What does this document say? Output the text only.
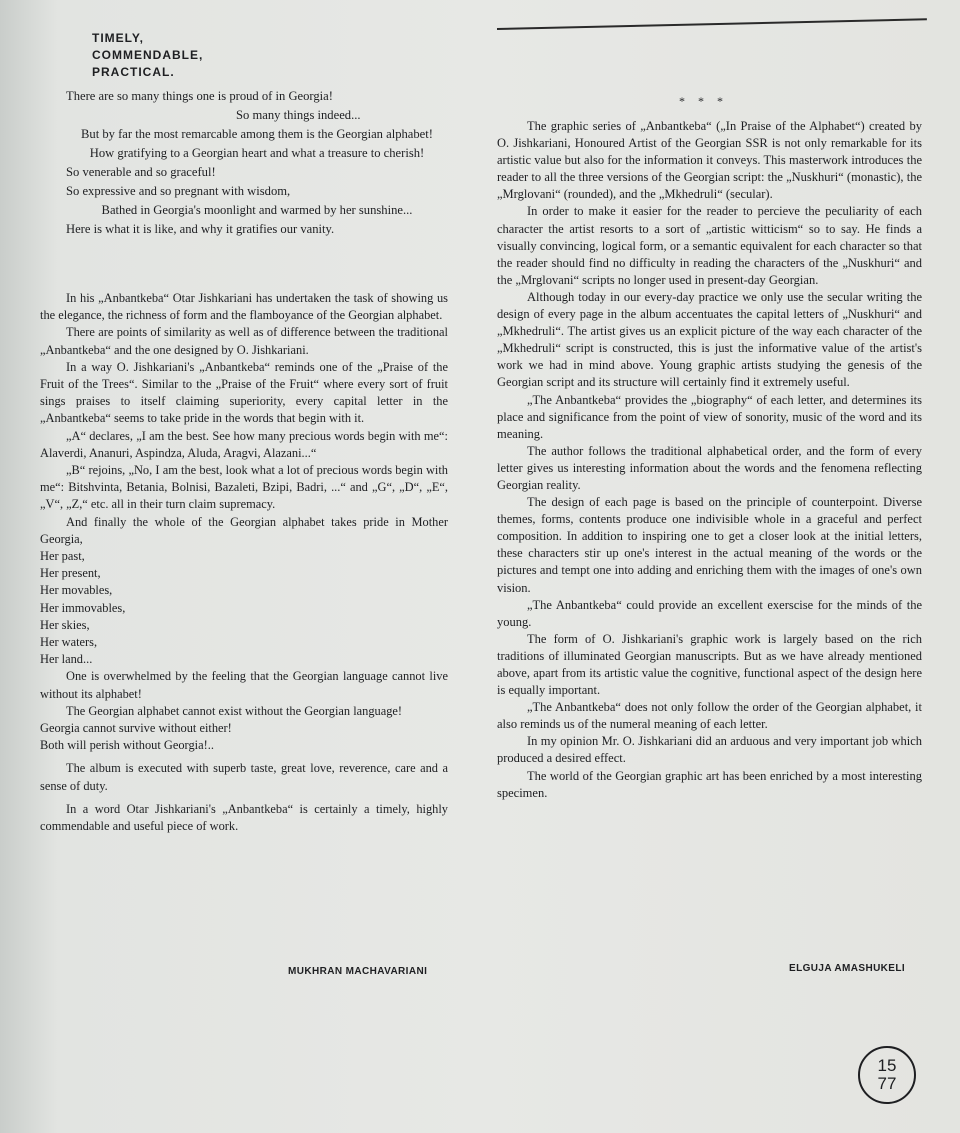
TIMELY,
COMMENDABLE,
PRACTICAL.
There are so many things one is proud of in Georgia!
So many things indeed...
But by far the most remarcable among them is the Georgian alphabet!
How gratifying to a Georgian heart and what a treasure to cherish!
So venerable and so graceful!
So expressive and so pregnant with wisdom,
Bathed in Georgia's moonlight and warmed by her sunshine...
Here is what it is like, and why it gratifies our vanity.

In his „Anbantkeba“ Otar Jishkariani has undertaken the task of showing us the elegance, the richness of form and the flamboyance of the Georgian alphabet.

There are points of similarity as well as of difference between the traditional „Anbantkeba“ and the one designed by O. Jishkariani.

In a way O. Jishkariani's „Anbantkeba“ reminds one of the „Praise of the Fruit of the Trees“. Similar to the „Praise of the Fruit“ where every sort of fruit sings praises to itself claiming superiority, every capital letter in the „Anbantkeba“ seems to take pride in the words that begin with it.

„A“ declares, „I am the best. See how many precious words begin with me“: Alaverdi, Ananuri, Aspindza, Aluda, Aragvi, Alazani...“

„B“ rejoins, „No, I am the best, look what a lot of precious words begin with me“: Bitshvinta, Betania, Bolnisi, Bazaleti, Bzipi, Badri, ...“ and „G“, „D“, „E“, „V“, „Z,“ etc. all in their turn claim supremacy.

And finally the whole of the Georgian alphabet takes pride in Mother Georgia,

Her past,

Her present,

Her movables,

Her immovables,

Her skies,

Her waters,

Her land...

One is overwhelmed by the feeling that the Georgian language cannot live without its alphabet!

The Georgian alphabet cannot exist without the Georgian language!

Georgia cannot survive without either!

Both will perish without Georgia!..

The album is executed with superb taste, great love, reverence, care and a sense of duty.

In a word Otar Jishkariani's „Anbantkeba“ is certainly a timely, highly commendable and useful piece of work.

MUKHRAN MACHAVARIANI
* * *

The graphic series of „Anbantkeba“ („In Praise of the Alphabet“) created by O. Jishkariani, Honoured Artist of the Georgian SSR is not only remarkable for its artistic value but also for the information it conveys. This masterwork introduces the reader to all the three versions of the Georgian script: the „Nuskhuri“ (monastic), the „Mrglovani“ (rounded), and the „Mkhedruli“ (secular).

In order to make it easier for the reader to percieve the peculiarity of each character the artist resorts to a sort of „artistic witticism“ so to say. He finds a visually convincing, logical form, or a semantic equivalent for each character so that the reader should find no difficulty in reading the characters of the „Nuskhuri“ and the „Mrglovani“ scripts no longer used in present-day Georgian.

Although today in our every-day practice we only use the secular writing the design of every page in the album accentuates the capital letters of „Nuskhuri“ and „Mkhedruli“. The artist gives us an explicit picture of the way each character of the „Mkhedruli“ script is constructed, this is just the informative value of the artist's work we had in mind above. Young graphic artists studying the genesis of the Georgian script and its structure will certainly find it extremely useful.

„The Anbantkeba“ provides the „biography“ of each letter, and determines its place and significance from the point of view of sonority, music of the word and its meaning.

The author follows the traditional alphabetical order, and the form of every letter gives us interesting information about the words and the fenomena reflecting Georgian reality.

The design of each page is based on the principle of counterpoint. Diverse themes, forms, contents produce one indivisible whole in a graceful and perfect composition. In addition to inspiring one to get a closer look at the initial letters, these characters stir up one's interest in the actual meaning of the words or the pictures and tempt one into adding and enriching them with the images of one's own vision.

„The Anbantkeba“ could provide an excellent exerscise for the minds of the young.

The form of O. Jishkariani's graphic work is largely based on the rich traditions of illuminated Georgian manuscripts. But as we have already mentioned above, apart from its artistic value the cognitive, functional aspect of the design here is equally important.

„The Anbantkeba“ does not only follow the order of the Georgian alphabet, it also reminds us of the numeral meaning of each letter.

In my opinion Mr. O. Jishkariani did an arduous and very important job which produced a desired effect.

The world of the Georgian graphic art has been enriched by a most interesting specimen.

ELGUJA AMASHUKELI
15
77
